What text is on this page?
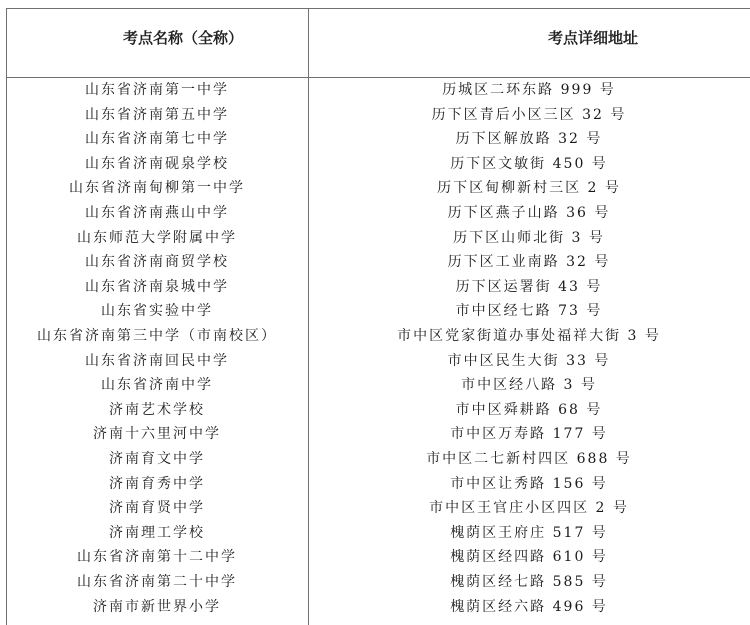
考点名称（全称）	考点详细地址
山东省济南第一中学	历城区二环东路 999 号
山东省济南第五中学	历下区青后小区三区 32 号
山东省济南第七中学	历下区解放路 32 号
山东省济南砚泉学校	历下区文敏街 450 号
山东省济南甸柳第一中学	历下区甸柳新村三区 2 号
山东省济南燕山中学	历下区燕子山路 36 号
山东师范大学附属中学	历下区山师北街 3 号
山东省济南商贸学校	历下区工业南路 32 号
山东省济南泉城中学	历下区运署街 43 号
山东省实验中学	市中区经七路 73 号
山东省济南第三中学（市南校区）	市中区党家街道办事处福祥大街 3 号
山东省济南回民中学	市中区民生大街 33 号
山东省济南中学	市中区经八路 3 号
济南艺术学校	市中区舜耕路 68 号
济南十六里河中学	市中区万寿路 177 号
济南育文中学	市中区二七新村四区 688 号
济南育秀中学	市中区让秀路 156 号
济南育贤中学	市中区王官庄小区四区 2 号
济南理工学校	槐荫区王府庄 517 号
山东省济南第十二中学	槐荫区经四路 610 号
山东省济南第二十中学	槐荫区经七路 585 号
济南市新世界小学	槐荫区经六路 496 号
